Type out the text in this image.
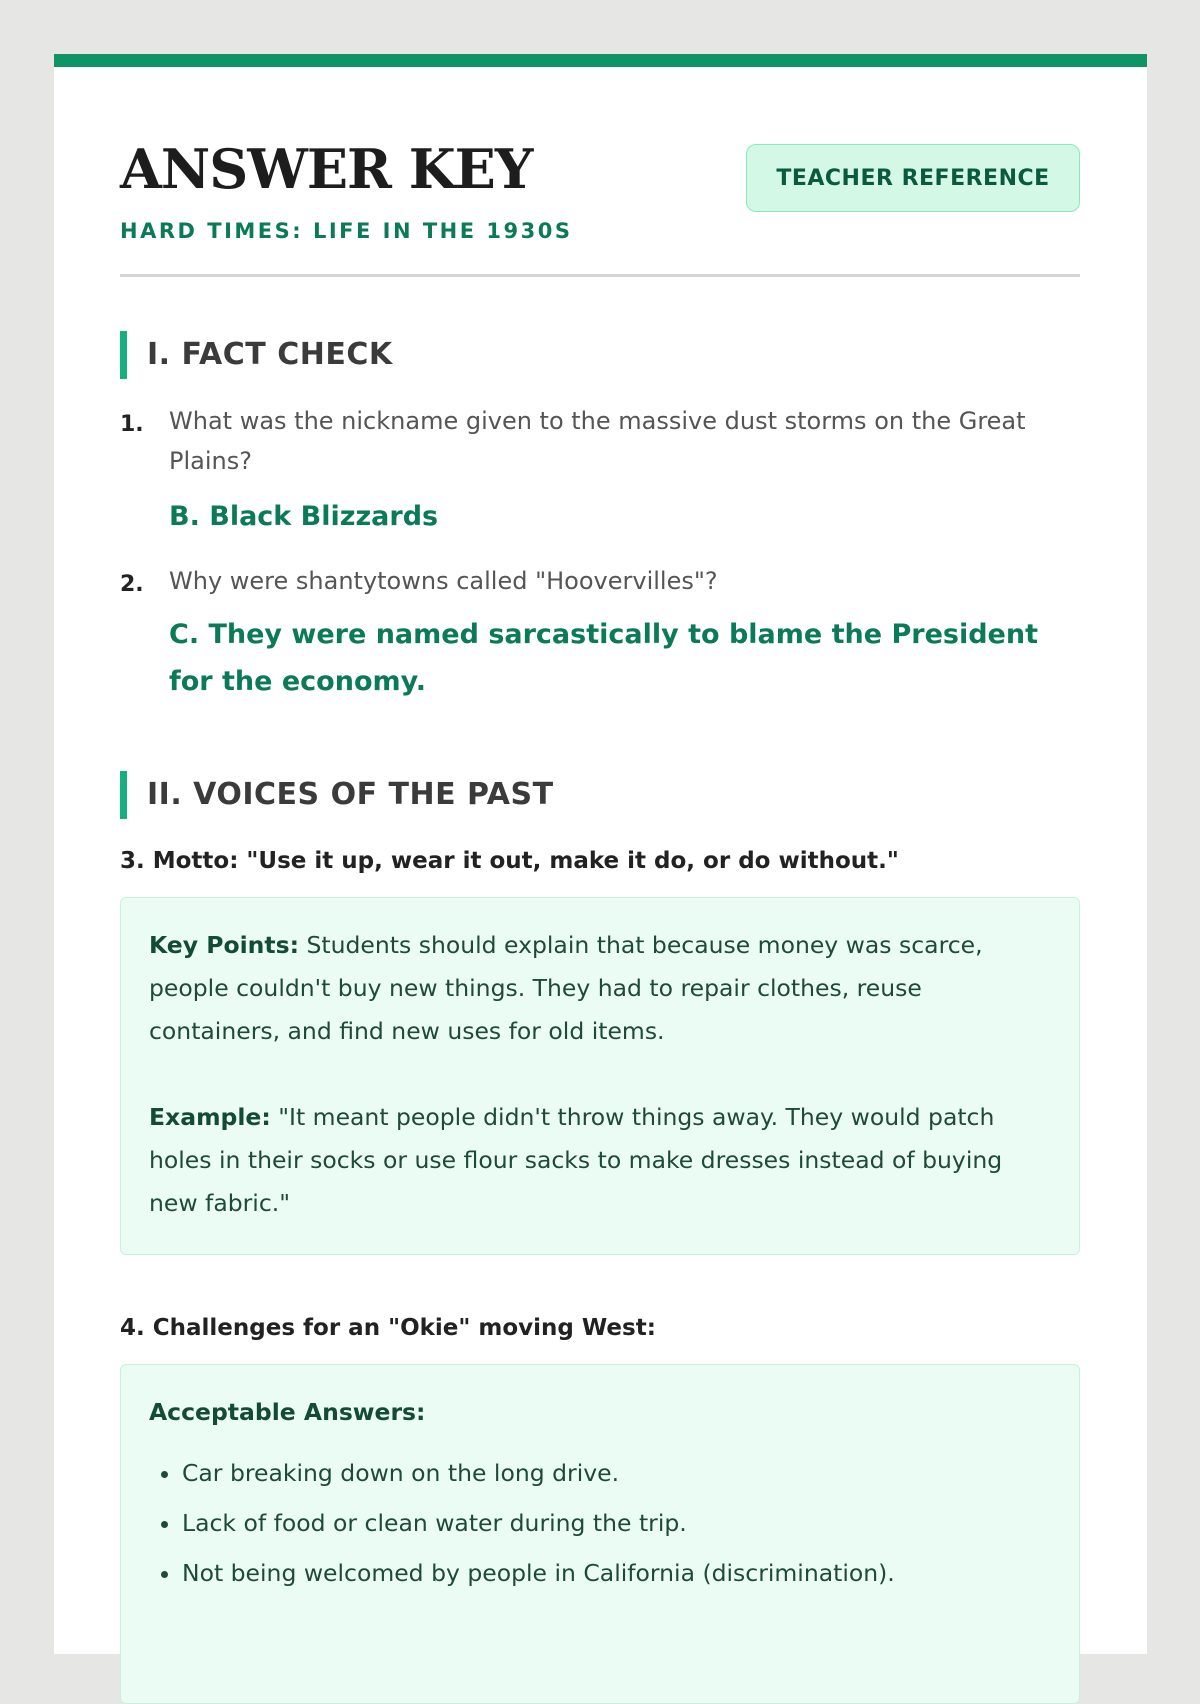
ANSWER KEY
HARD TIMES: LIFE IN THE 1930S
TEACHER REFERENCE
I. FACT CHECK
1. What was the nickname given to the massive dust storms on the Great Plains?
B. Black Blizzards
2. Why were shantytowns called "Hoovervilles"?
C. They were named sarcastically to blame the President for the economy.
II. VOICES OF THE PAST
3. Motto: "Use it up, wear it out, make it do, or do without."

Key Points: Students should explain that because money was scarce, people couldn't buy new things. They had to repair clothes, reuse containers, and find new uses for old items.

Example: "It meant people didn't throw things away. They would patch holes in their socks or use flour sacks to make dresses instead of buying new fabric."

4. Challenges for an "Okie" moving West:

Acceptable Answers:

• Car breaking down on the long drive.
• Lack of food or clean water during the trip.
• Not being welcomed by people in California (discrimination).
